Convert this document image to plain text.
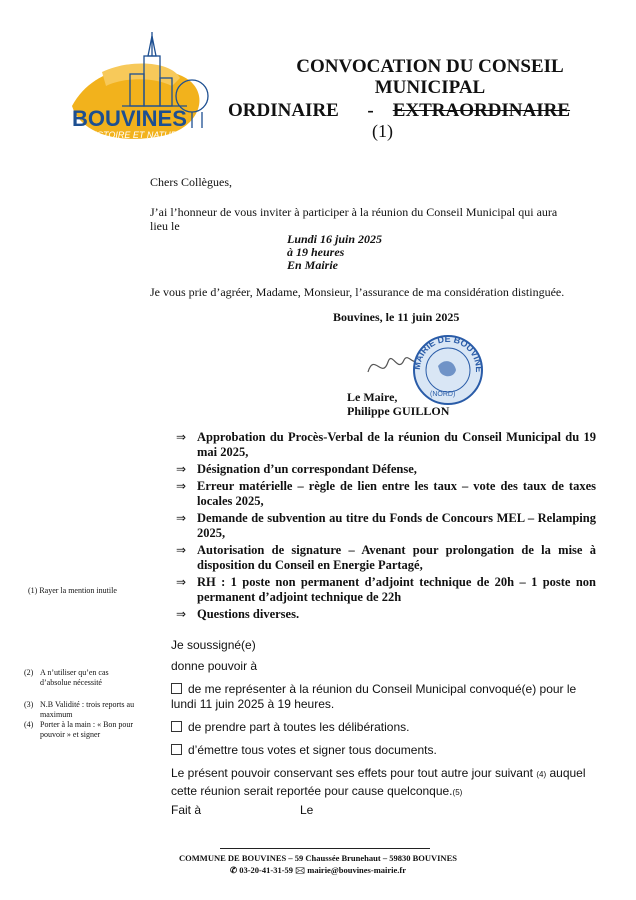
BOUVINES
HISTOIRE ET NATURE
CONVOCATION DU CONSEIL
MUNICIPAL
ORDINAIRE - EXTRAORDINAIRE
(1)
Chers Collègues,
J’ai l’honneur de vous inviter à participer à la réunion du Conseil Municipal qui aura lieu le
Lundi 16 juin 2025
à 19 heures
En Mairie
Je vous prie d’agréer, Madame, Monsieur, l’assurance de ma considération distinguée.
Bouvines, le 11 juin 2025
MAIRIE DE BOUVINE
(NORD)
Le Maire,
Philippe GUILLON
⇒ Approbation du Procès-Verbal de la réunion du Conseil Municipal du 19 mai 2025,
⇒ Désignation d’un correspondant Défense,
⇒ Erreur matérielle – règle de lien entre les taux – vote des taux de taxes locales 2025,
⇒ Demande de subvention au titre du Fonds de Concours MEL – Relamping 2025,
⇒ Autorisation de signature – Avenant pour prolongation de la mise à disposition du Conseil en Energie Partagé,
⇒ RH : 1 poste non permanent d’adjoint technique de 20h – 1 poste non permanent d’adjoint technique de 22h
⇒ Questions diverses.
(1) Rayer la mention inutile
(2) A n’utiliser qu’en cas d’absolue nécessité
(3) N.B Validité : trois reports au maximum
(4) Porter à la main : « Bon pour pouvoir » et signer
Je soussigné(e)
donne pouvoir à
de me représenter à la réunion du Conseil Municipal convoqué(e) pour le lundi 11 juin 2025 à 19 heures.
de prendre part à toutes les délibérations.
d’émettre tous votes et signer tous documents.
Le présent pouvoir conservant ses effets pour tout autre jour suivant (4) auquel cette réunion serait reportée pour cause quelconque.(5)
Fait à	Le
COMMUNE DE BOUVINES – 59 Chaussée Brunehaut – 59830 BOUVINES
✆ 03-20-41-31-59 🖂 mairie@bouvines-mairie.fr
